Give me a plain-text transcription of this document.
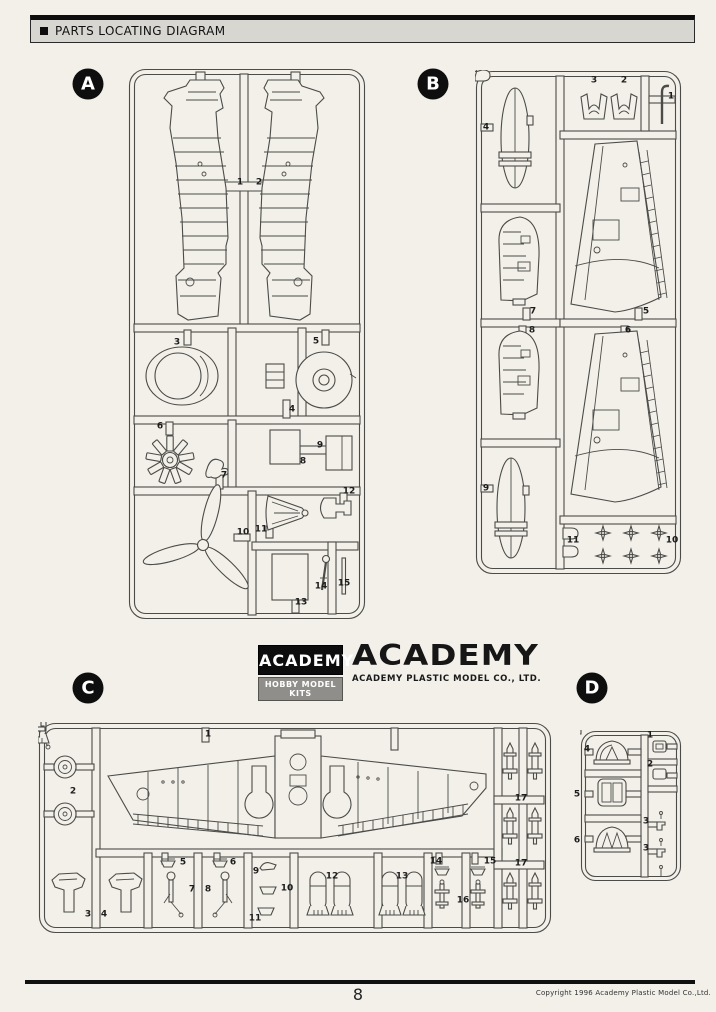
PARTS LOCATING DIAGRAM
A	B
C	D
1 2
3
4
5
6
7
8
9
10 11
12
13
14 15
1
2
3
4
5
6
7
8
9
10
11
1
2
3 4
5	6
7 8
9
10
11
12	13
14	15
16
17
17
1
2
3
3
4
5
6
ACADEMY
HOBBY MODEL KITS
ACADEMY
ACADEMY PLASTIC MODEL CO., LTD.
8	Copyright 1996 Academy Plastic Model Co.,Ltd.
